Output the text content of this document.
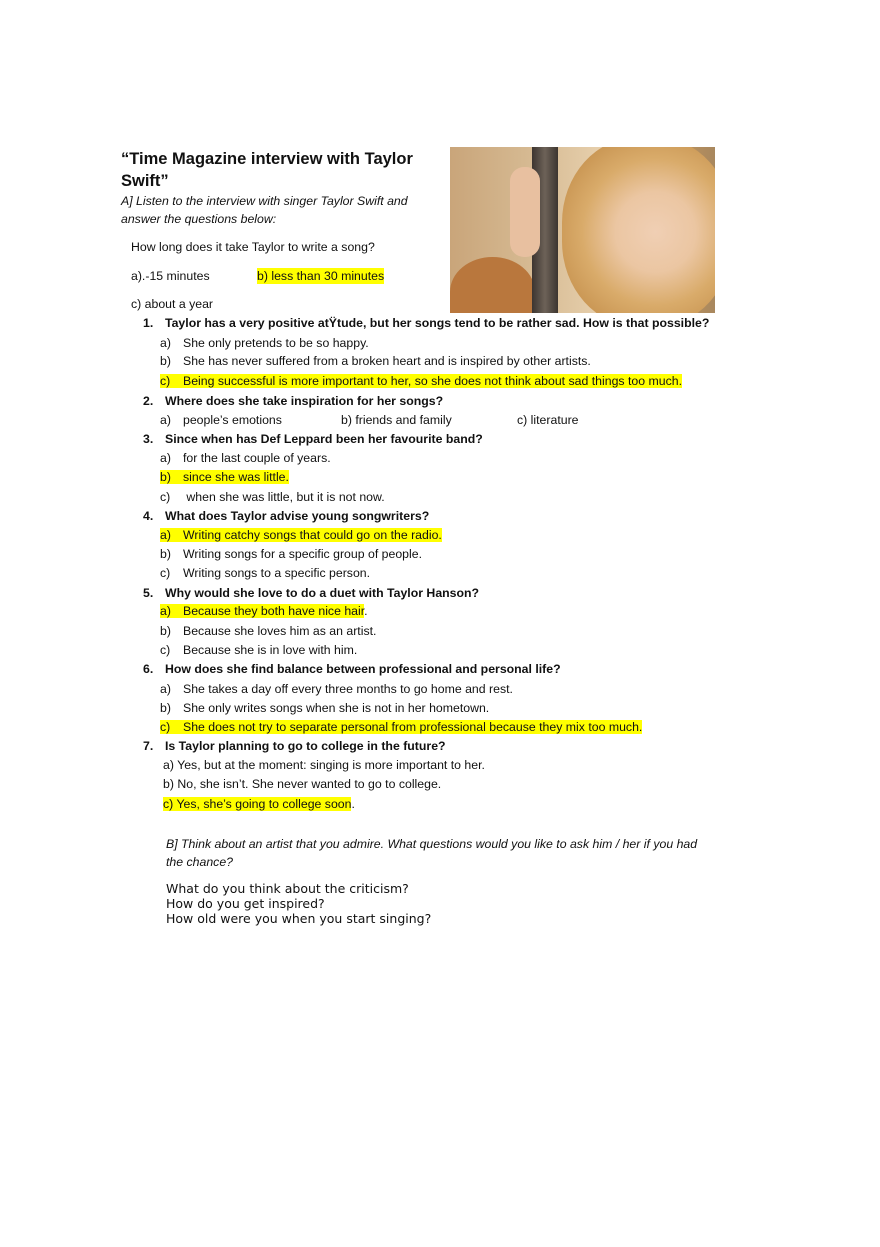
“Time Magazine interview with Taylor
Swift”
A] Listen to the interview with singer Taylor Swift and
answer the questions below:
How long does it take Taylor to write a song?
a).-15 minutes	b) less than 30 minutes
c) about a year
1. Taylor has a very positive atŸtude, but her songs tend to be rather sad. How is that possible?
a) She only pretends to be so happy.
b) She has never suffered from a broken heart and is inspired by other artists.
c) Being successful is more important to her, so she does not think about sad things too much.
2. Where does she take inspiration for her songs?
a) people’s emotions	b) friends and family	c) literature
3. Since when has Def Leppard been her favourite band?
a) for the last couple of years.
b) since she was little.
c) when she was little, but it is not now.
4. What does Taylor advise young songwriters?
a) Writing catchy songs that could go on the radio.
b) Writing songs for a specific group of people.
c) Writing songs to a specific person.
5. Why would she love to do a duet with Taylor Hanson?
a) Because they both have nice hair.
b) Because she loves him as an artist.
c) Because she is in love with him.
6. How does she find balance between professional and personal life?
a) She takes a day off every three months to go home and rest.
b) She only writes songs when she is not in her hometown.
c) She does not try to separate personal from professional because they mix too much.
7. Is Taylor planning to go to college in the future?
a) Yes, but at the moment: singing is more important to her.
b) No, she isn’t. She never wanted to go to college.
c) Yes, she’s going to college soon.
B] Think about an artist that you admire. What questions would you like to ask him / her if you had
the chance?
What do you think about the criticism?
How do you get inspired?
How old were you when you start singing?
